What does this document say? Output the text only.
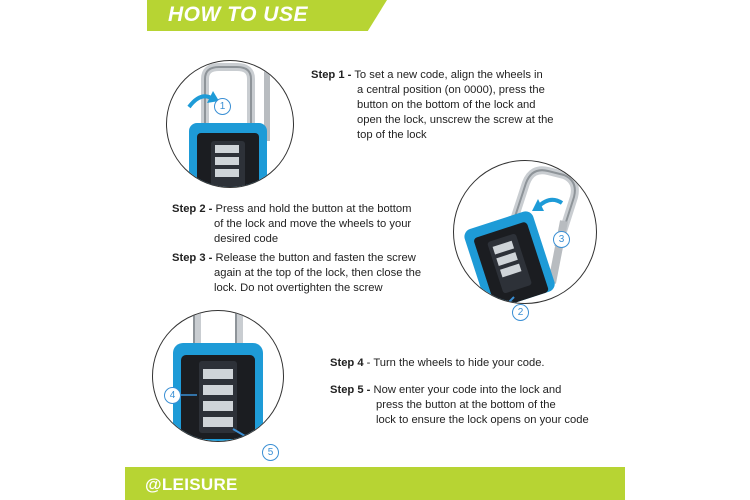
HOW TO USE
Step 1 - To set a new code, align the wheels in
a central position (on 0000), press the
button on the bottom of the lock and
open the lock, unscrew the screw at the
top of the lock
Step 2 - Press and hold the button at the bottom
of the lock and move the wheels to your
desired code
Step 3 - Release the button and fasten the screw
again at the top of the lock, then close the
lock. Do not overtighten the screw
Step 4 - Turn the wheels to hide your code.
Step 5 - Now enter your code into the lock and
press the button at the bottom of the
lock to ensure the lock opens on your code
1
3
2
4
5
@LEISURE
